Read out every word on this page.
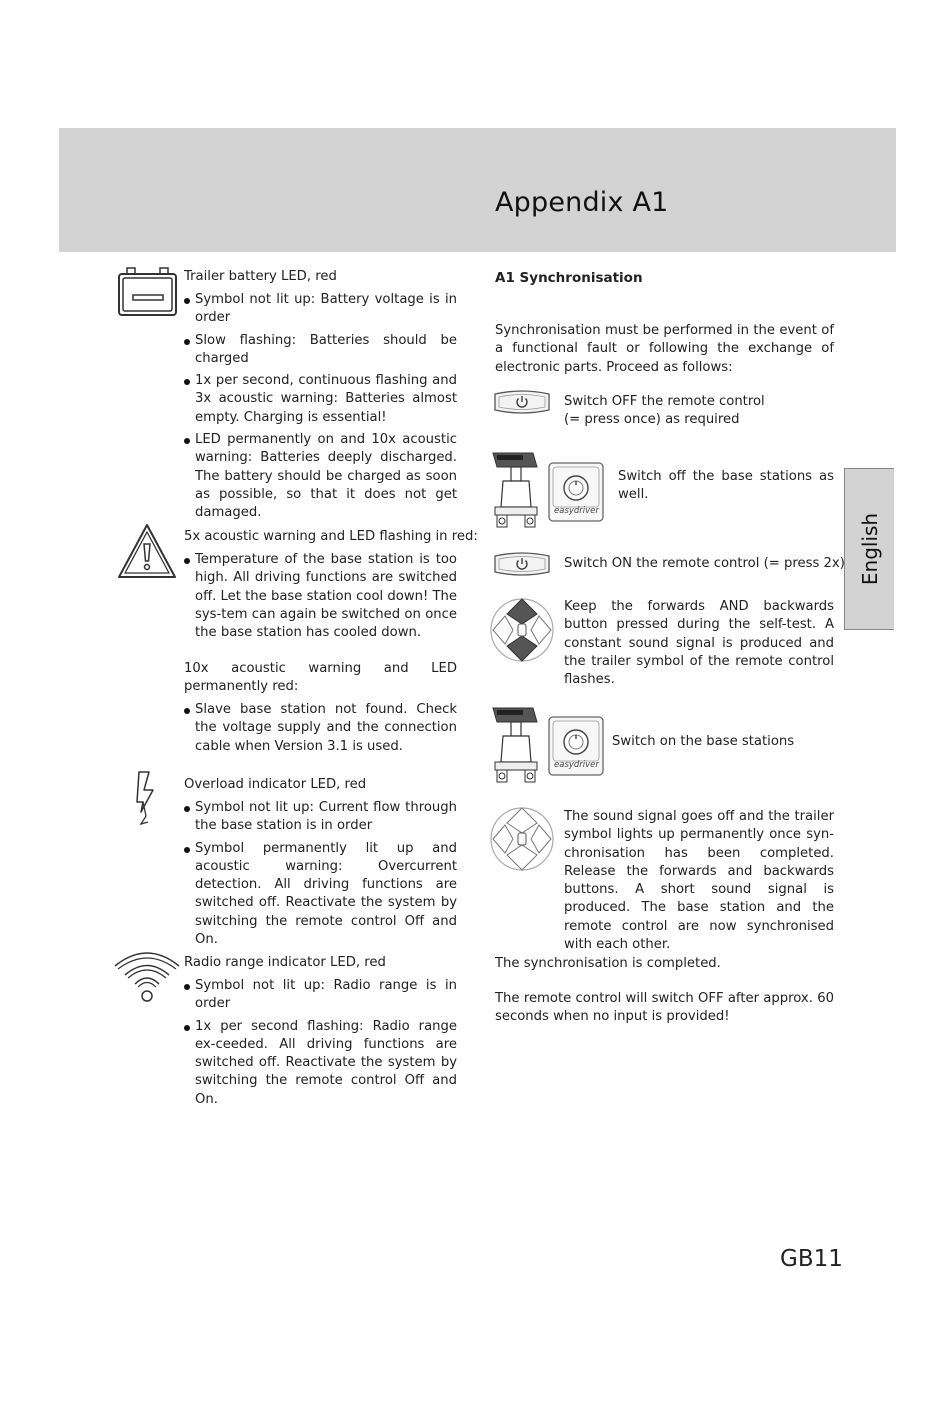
Appendix A1
English
Trailer battery LED, red
Symbol not lit up: Battery voltage is in order
Slow flashing: Batteries should be charged
1x per second, continuous flashing and 3x acoustic warning: Batteries almost empty. Charging is essential!
LED permanently on and 10x acoustic warning: Batteries deeply discharged. The battery should be charged as soon as possible, so that it does not get damaged.
5x acoustic warning and LED flashing in red:
Temperature of the base station is too high. All driving functions are switched off. Let the base station cool down! The sys-tem can again be switched on once the base station has cooled down.
10x acoustic warning and LED permanently red:
Slave base station not found. Check the voltage supply and the connection cable when Version 3.1 is used.
Overload indicator LED, red
Symbol not lit up: Current flow through the base station is in order
Symbol permanently lit up and acoustic warning: Overcurrent detection. All driving functions are switched off. Reactivate the system by switching the remote control Off and On.
Radio range indicator LED, red
Symbol not lit up: Radio range is in order
1x per second flashing: Radio range ex-ceeded. All driving functions are switched off. Reactivate the system by switching the remote control Off and On.
A1 Synchronisation
Synchronisation must be performed in the event of a functional fault or following the exchange of electronic parts. Proceed as follows:
Switch OFF the remote control
(= press once) as required
easydriver
Switch off the base stations as well.
Switch ON the remote control (= press 2x)
Keep the forwards AND backwards button pressed during the self-test. A constant sound signal is produced and the trailer symbol of the remote control flashes.
easydriver
Switch on the base stations
The sound signal goes off and the trailer symbol lights up permanently once syn-chronisation has been completed. Release the forwards and backwards buttons. A short sound signal is produced. The base station and the remote control are now synchronised with each other.
The synchronisation is completed.
The remote control will switch OFF after approx. 60 seconds when no input is provided!
GB11
